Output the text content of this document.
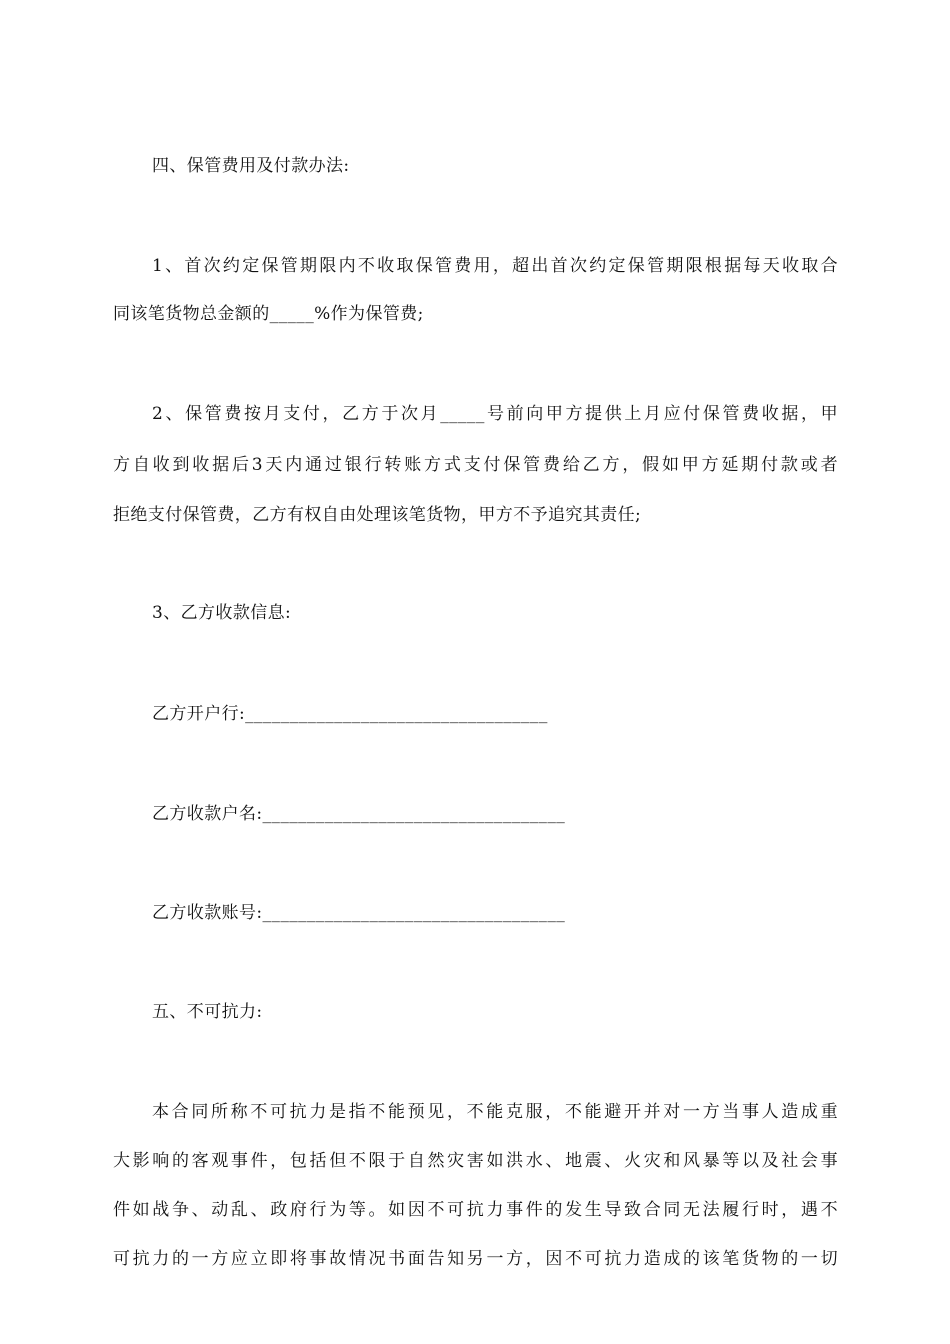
四、保管费用及付款办法:
1、首次约定保管期限内不收取保管费用，超出首次约定保管期限根据每天收取合
同该笔货物总金额的_____%作为保管费;
2、保管费按月支付，乙方于次月_____号前向甲方提供上月应付保管费收据，甲
方自收到收据后3天内通过银行转账方式支付保管费给乙方，假如甲方延期付款或者
拒绝支付保管费，乙方有权自由处理该笔货物，甲方不予追究其责任;
3、乙方收款信息:
乙方开户行:__________________________________
乙方收款户名:__________________________________
乙方收款账号:__________________________________
五、不可抗力:
本合同所称不可抗力是指不能预见，不能克服，不能避开并对一方当事人造成重
大影响的客观事件，包括但不限于自然灾害如洪水、地震、火灾和风暴等以及社会事
件如战争、动乱、政府行为等。如因不可抗力事件的发生导致合同无法履行时，遇不
可抗力的一方应立即将事故情况书面告知另一方，因不可抗力造成的该笔货物的一切
